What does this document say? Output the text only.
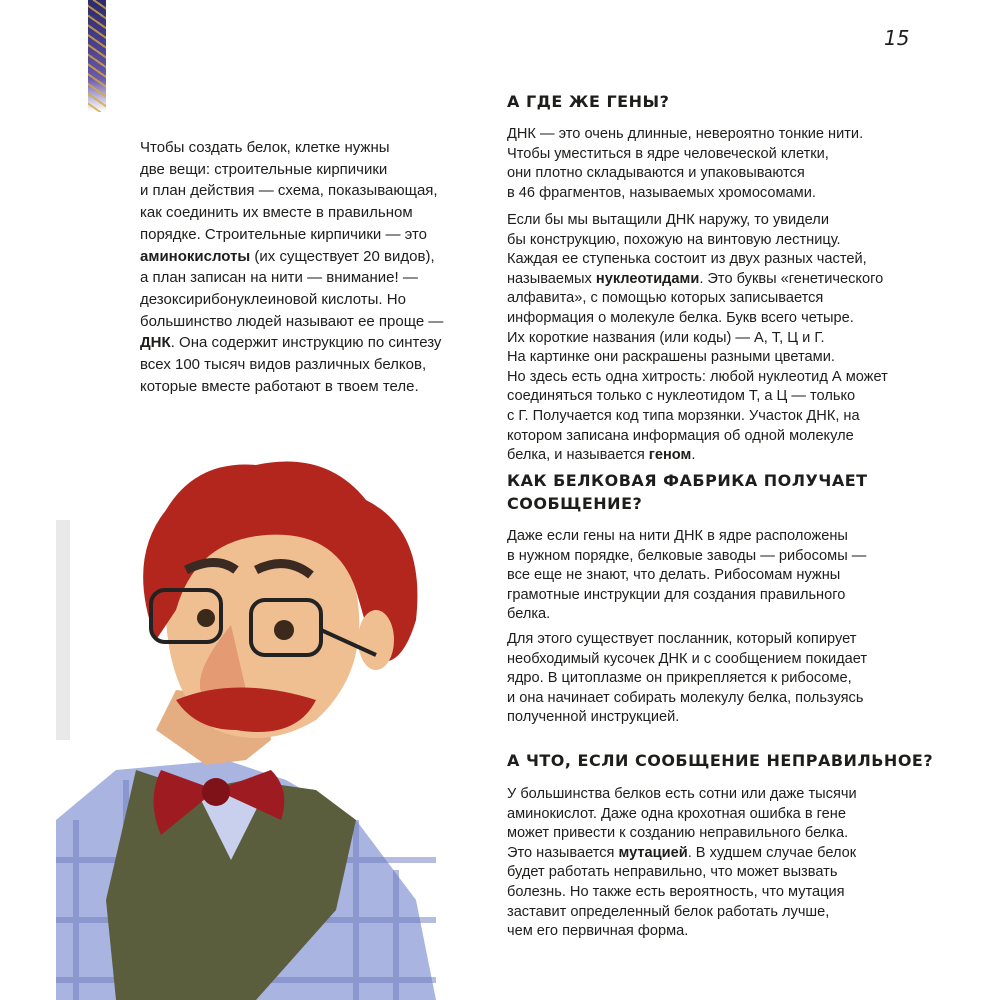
15
Чтобы создать белок, клетке нужны
две вещи: строительные кирпичики
и план действия — схема, показывающая,
как соединить их вместе в правильном
порядке. Строительные кирпичики — это
аминокислоты (их существует 20 видов),
а план записан на нити — внимание! —
дезоксирибонуклеиновой кислоты. Но
большинство людей называют ее проще —
ДНК. Она содержит инструкцию по синтезу
всех 100 тысяч видов различных белков,
которые вместе работают в твоем теле.
А ГДЕ ЖЕ ГЕНЫ?
ДНК — это очень длинные, невероятно тонкие нити.
Чтобы уместиться в ядре человеческой клетки,
они плотно складываются и упаковываются
в 46 фрагментов, называемых хромосомами.
Если бы мы вытащили ДНК наружу, то увидели
бы конструкцию, похожую на винтовую лестницу.
Каждая ее ступенька состоит из двух разных частей,
называемых нуклеотидами. Это буквы «генетического
алфавита», с помощью которых записывается
информация о молекуле белка. Букв всего четыре.
Их короткие названия (или коды) — А, Т, Ц и Г.
На картинке они раскрашены разными цветами.
Но здесь есть одна хитрость: любой нуклеотид А может
соединяться только с нуклеотидом Т, а Ц — только
с Г. Получается код типа морзянки. Участок ДНК, на
котором записана информация об одной молекуле
белка, и называется геном.
КАК БЕЛКОВАЯ ФАБРИКА ПОЛУЧАЕТ
СООБЩЕНИЕ?
Даже если гены на нити ДНК в ядре расположены
в нужном порядке, белковые заводы — рибосомы —
все еще не знают, что делать. Рибосомам нужны
грамотные инструкции для создания правильного
белка.
Для этого существует посланник, который копирует
необходимый кусочек ДНК и с сообщением покидает
ядро. В цитоплазме он прикрепляется к рибосоме,
и она начинает собирать молекулу белка, пользуясь
полученной инструкцией.
А ЧТО, ЕСЛИ СООБЩЕНИЕ НЕПРАВИЛЬНОЕ?
У большинства белков есть сотни или даже тысячи
аминокислот. Даже одна крохотная ошибка в гене
может привести к созданию неправильного белка.
Это называется мутацией. В худшем случае белок
будет работать неправильно, что может вызвать
болезнь. Но также есть вероятность, что мутация
заставит определенный белок работать лучше,
чем его первичная форма.
